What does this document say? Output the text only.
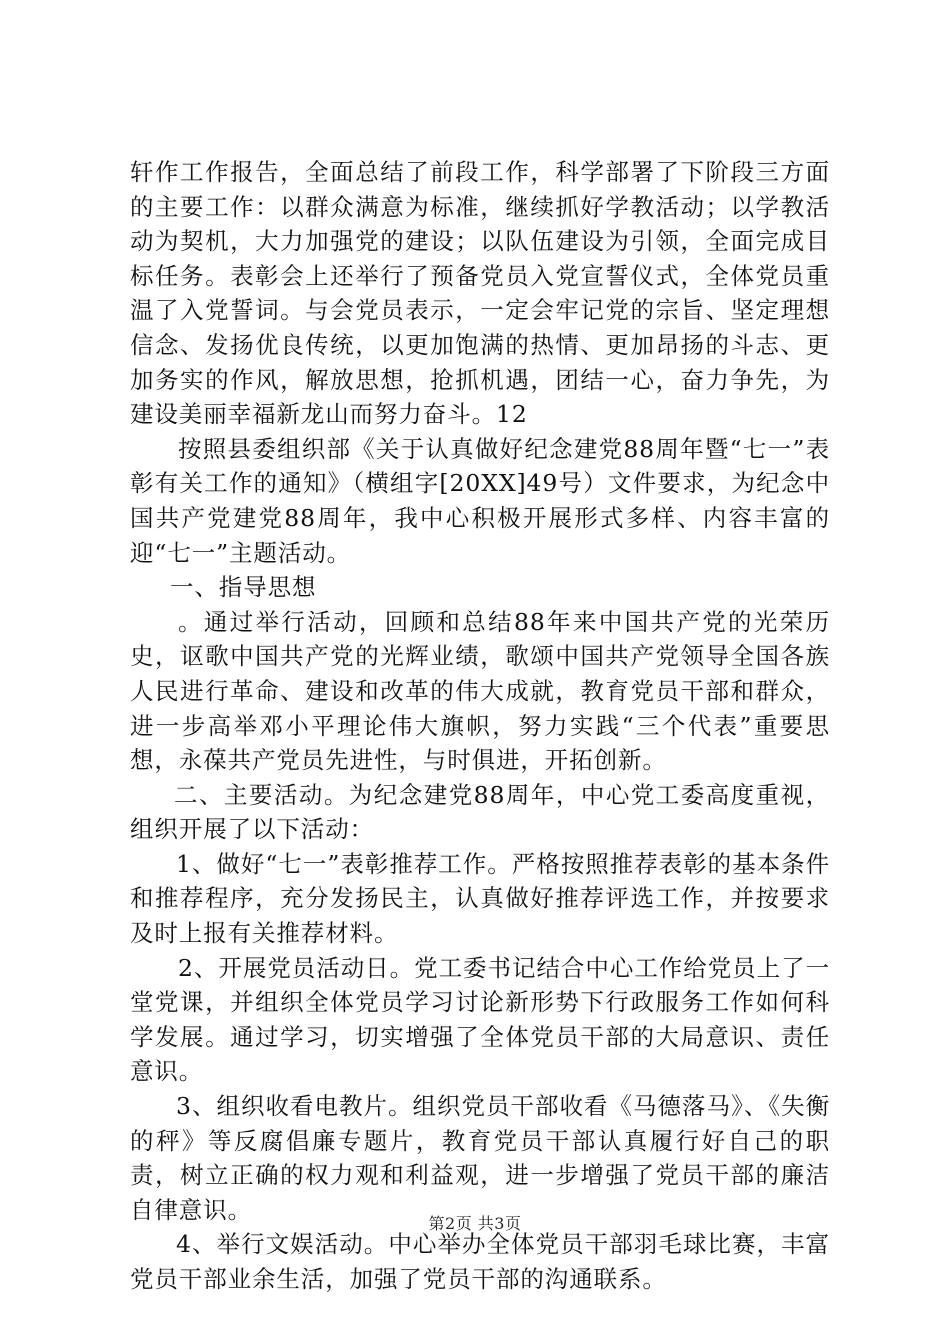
轩作工作报告，全面总结了前段工作，科学部署了下阶段三方面的主要工作：以群众满意为标准，继续抓好学教活动；以学教活动为契机，大力加强党的建设；以队伍建设为引领，全面完成目标任务。表彰会上还举行了预备党员入党宣誓仪式，全体党员重温了入党誓词。与会党员表示，一定会牢记党的宗旨、坚定理想信念、发扬优良传统，以更加饱满的热情、更加昂扬的斗志、更加务实的作风，解放思想，抢抓机遇，团结一心，奋力争先，为建设美丽幸福新龙山而努力奋斗。12

按照县委组织部《关于认真做好纪念建党88周年暨“七一”表彰有关工作的通知》（横组字[20XX]49号）文件要求，为纪念中国共产党建党88周年，我中心积极开展形式多样、内容丰富的迎“七一”主题活动。

一、指导思想

。通过举行活动，回顾和总结88年来中国共产党的光荣历史，讴歌中国共产党的光辉业绩，歌颂中国共产党领导全国各族人民进行革命、建设和改革的伟大成就，教育党员干部和群众，进一步高举邓小平理论伟大旗帜，努力实践“三个代表”重要思想，永葆共产党员先进性，与时俱进，开拓创新。

二、主要活动。为纪念建党88周年，中心党工委高度重视，组织开展了以下活动：

1、做好“七一”表彰推荐工作。严格按照推荐表彰的基本条件和推荐程序，充分发扬民主，认真做好推荐评选工作，并按要求及时上报有关推荐材料。

2、开展党员活动日。党工委书记结合中心工作给党员上了一堂党课，并组织全体党员学习讨论新形势下行政服务工作如何科学发展。通过学习，切实增强了全体党员干部的大局意识、责任意识。

3、组织收看电教片。组织党员干部收看《马德落马》、《失衡的秤》等反腐倡廉专题片，教育党员干部认真履行好自己的职责，树立正确的权力观和利益观，进一步增强了党员干部的廉洁自律意识。

4、举行文娱活动。中心举办全体党员干部羽毛球比赛，丰富党员干部业余生活，加强了党员干部的沟通联系。

第2页 共3页
